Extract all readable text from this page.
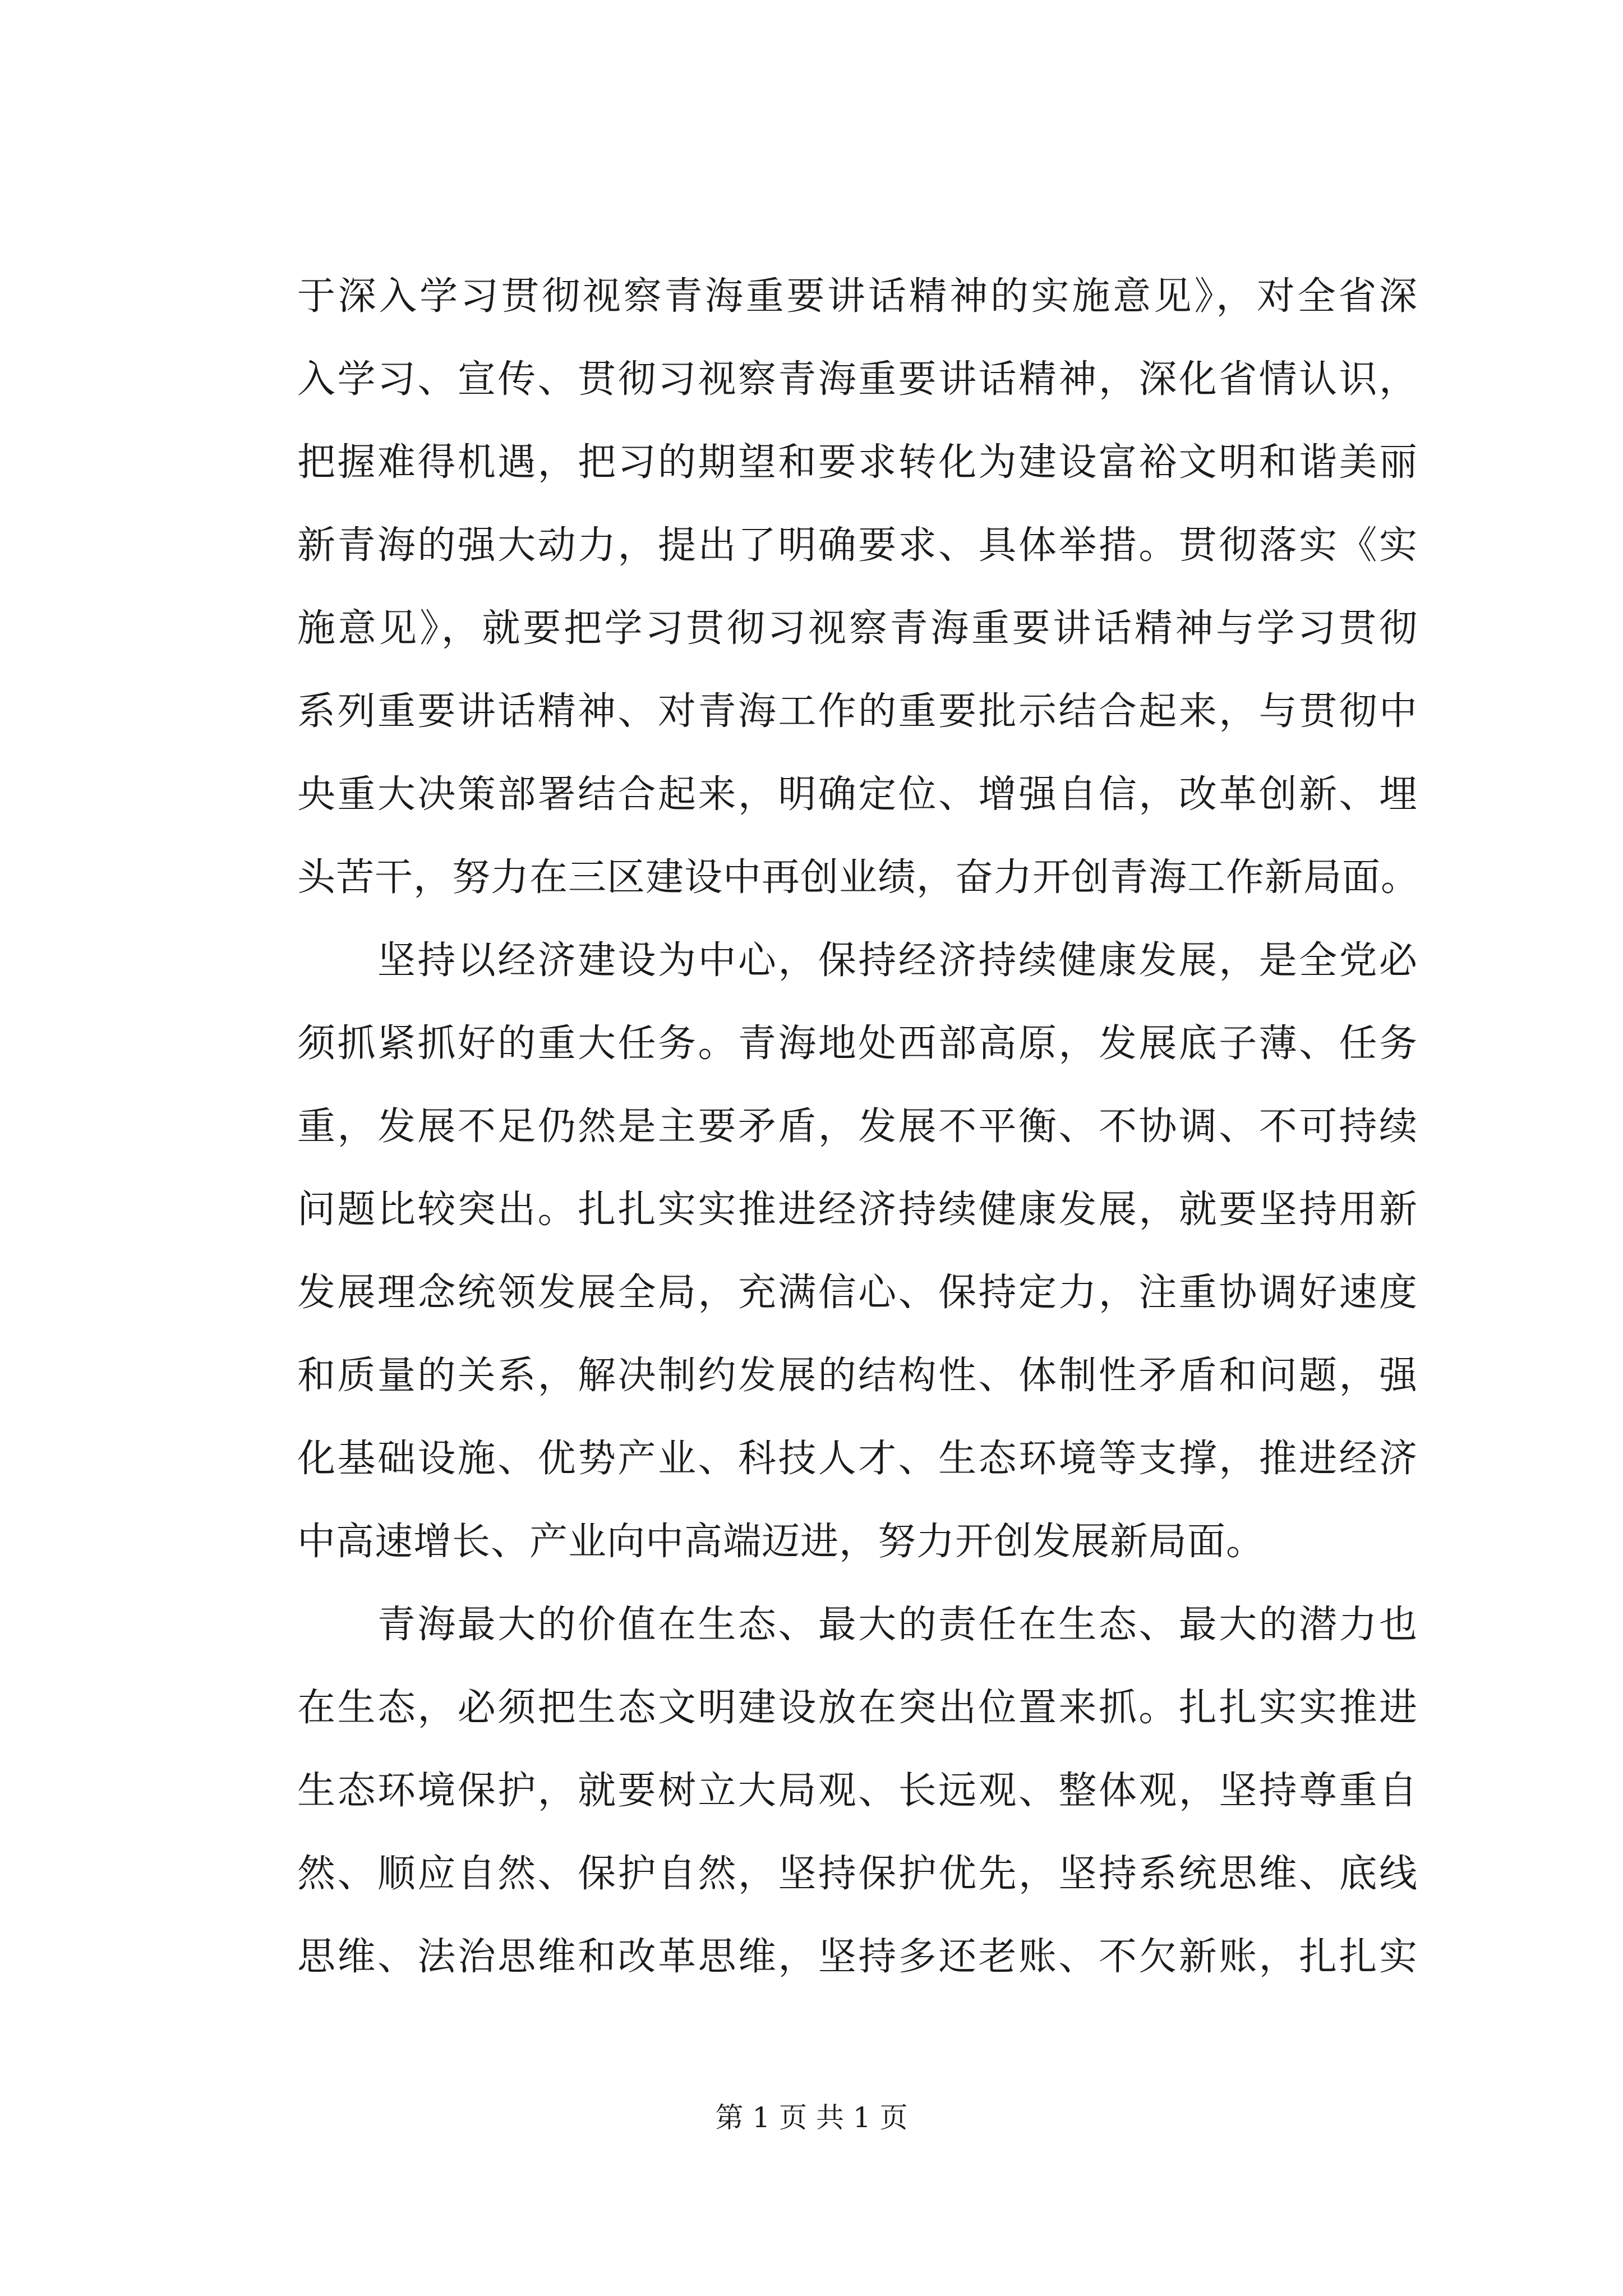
于深入学习贯彻视察青海重要讲话精神的实施意见》，对全省深
入学习、宣传、贯彻习视察青海重要讲话精神，深化省情认识，
把握难得机遇，把习的期望和要求转化为建设富裕文明和谐美丽
新青海的强大动力，提出了明确要求、具体举措。贯彻落实《实
施意见》，就要把学习贯彻习视察青海重要讲话精神与学习贯彻
系列重要讲话精神、对青海工作的重要批示结合起来，与贯彻中
央重大决策部署结合起来，明确定位、增强自信，改革创新、埋
头苦干，努力在三区建设中再创业绩，奋力开创青海工作新局面。
　　坚持以经济建设为中心，保持经济持续健康发展，是全党必
须抓紧抓好的重大任务。青海地处西部高原，发展底子薄、任务
重，发展不足仍然是主要矛盾，发展不平衡、不协调、不可持续
问题比较突出。扎扎实实推进经济持续健康发展，就要坚持用新
发展理念统领发展全局，充满信心、保持定力，注重协调好速度
和质量的关系，解决制约发展的结构性、体制性矛盾和问题，强
化基础设施、优势产业、科技人才、生态环境等支撑，推进经济
中高速增长、产业向中高端迈进，努力开创发展新局面。
　　青海最大的价值在生态、最大的责任在生态、最大的潜力也
在生态，必须把生态文明建设放在突出位置来抓。扎扎实实推进
生态环境保护，就要树立大局观、长远观、整体观，坚持尊重自
然、顺应自然、保护自然，坚持保护优先，坚持系统思维、底线
思维、法治思维和改革思维，坚持多还老账、不欠新账，扎扎实
第 1 页 共 1 页
